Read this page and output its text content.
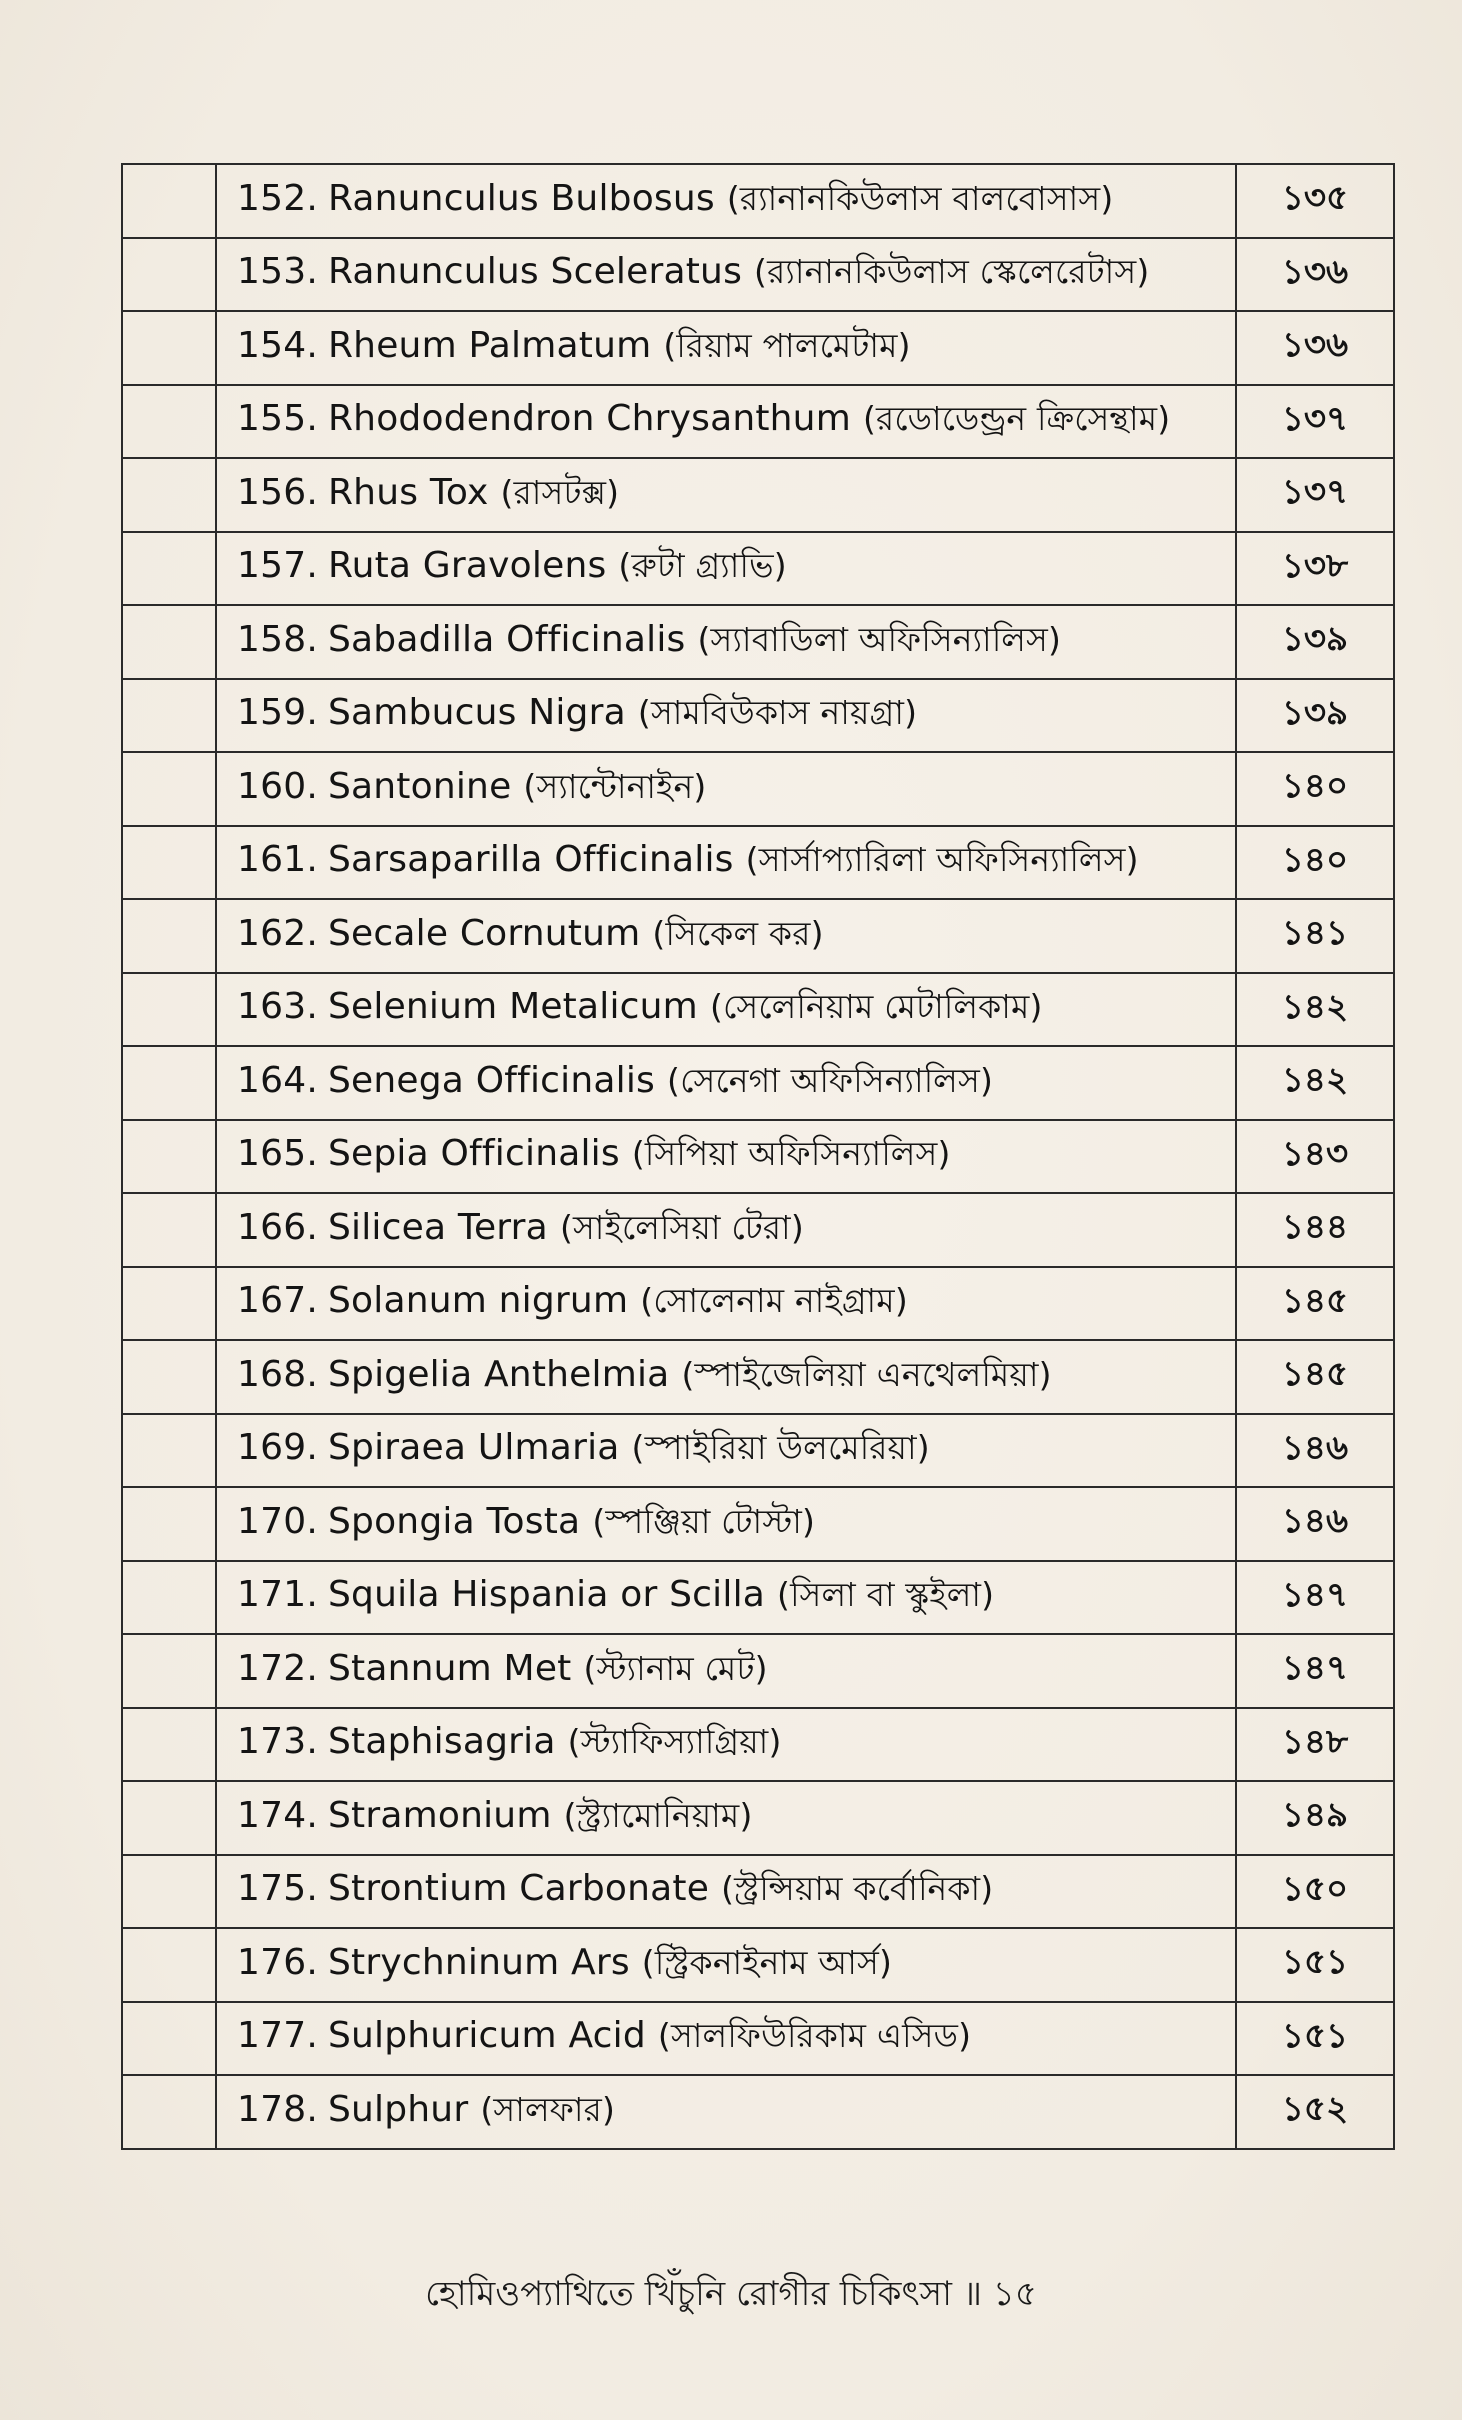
	152. Ranunculus Bulbosus (র‍্যানানকিউলাস বালবোসাস)	১৩৫
	153. Ranunculus Sceleratus (র‍্যানানকিউলাস স্কেলেরেটাস)	১৩৬
	154. Rheum Palmatum (রিয়াম পালমেটাম)	১৩৬
	155. Rhododendron Chrysanthum (রডোডেন্ড্রন ক্রিসেন্থাম)	১৩৭
	156. Rhus Tox (রাসটক্স)	১৩৭
	157. Ruta Gravolens (রুটা গ্র্যাভি)	১৩৮
	158. Sabadilla Officinalis (স্যাবাডিলা অফিসিন্যালিস)	১৩৯
	159. Sambucus Nigra (সামবিউকাস নায়গ্রা)	১৩৯
	160. Santonine (স্যান্টোনাইন)	১৪০
	161. Sarsaparilla Officinalis (সার্সাপ্যারিলা অফিসিন্যালিস)	১৪০
	162. Secale Cornutum (সিকেল কর)	১৪১
	163. Selenium Metalicum (সেলেনিয়াম মেটালিকাম)	১৪২
	164. Senega Officinalis (সেনেগা অফিসিন্যালিস)	১৪২
	165. Sepia Officinalis (সিপিয়া অফিসিন্যালিস)	১৪৩
	166. Silicea Terra (সাইলেসিয়া টেরা)	১৪৪
	167. Solanum nigrum (সোলেনাম নাইগ্রাম)	১৪৫
	168. Spigelia Anthelmia (স্পাইজেলিয়া এনথেলমিয়া)	১৪৫
	169. Spiraea Ulmaria (স্পাইরিয়া উলমেরিয়া)	১৪৬
	170. Spongia Tosta (স্পঞ্জিয়া টোস্টা)	১৪৬
	171. Squila Hispania or Scilla (সিলা বা স্কুইলা)	১৪৭
	172. Stannum Met (স্ট্যানাম মেট)	১৪৭
	173. Staphisagria (স্ট্যাফিস্যাগ্রিয়া)	১৪৮
	174. Stramonium (স্ট্র্যামোনিয়াম)	১৪৯
	175. Strontium Carbonate (স্ট্রন্সিয়াম কর্বোনিকা)	১৫০
	176. Strychninum Ars (স্ট্রিকনাইনাম আর্স)	১৫১
	177. Sulphuricum Acid (সালফিউরিকাম এসিড)	১৫১
	178. Sulphur (সালফার)	১৫২
হোমিওপ্যাথিতে খিঁচুনি রোগীর চিকিৎসা ॥ ১৫
